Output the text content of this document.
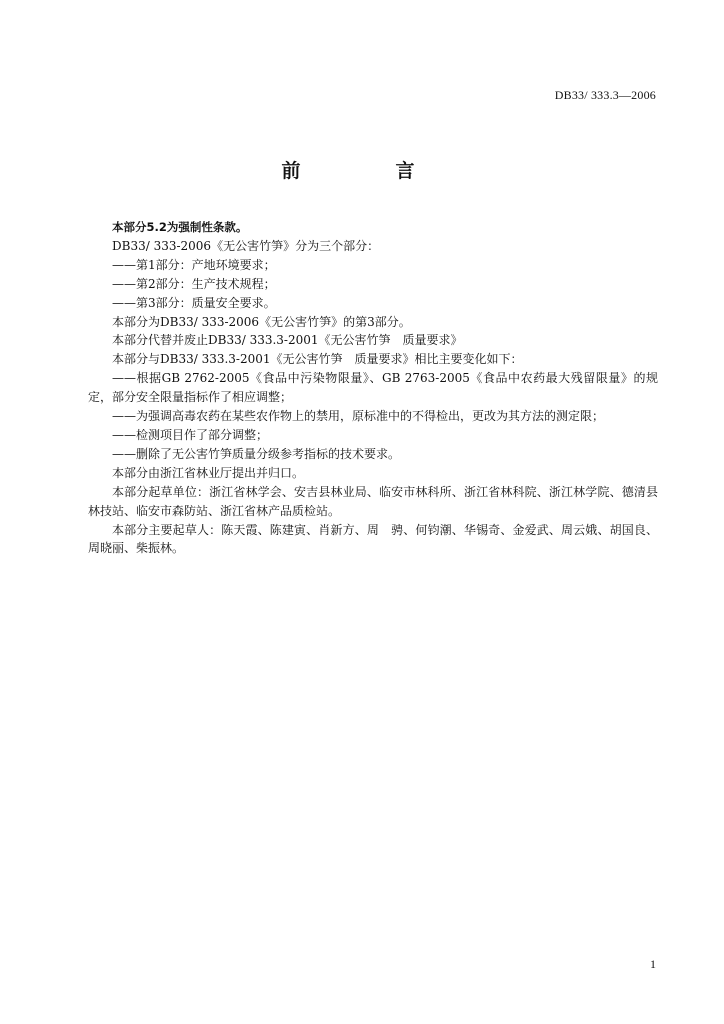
DB33/ 333.3—2006
前　言

本部分5.2为强制性条款。

DB33/ 333-2006《无公害竹笋》分为三个部分：

——第1部分：产地环境要求；

——第2部分：生产技术规程；

——第3部分：质量安全要求。

本部分为DB33/ 333-2006《无公害竹笋》的第3部分。

本部分代替并废止DB33/ 333.3-2001《无公害竹笋　质量要求》

本部分与DB33/ 333.3-2001《无公害竹笋　质量要求》相比主要变化如下：

——根据GB 2762-2005《食品中污染物限量》、GB 2763-2005《食品中农药最大残留限量》的规定，部分安全限量指标作了相应调整；

——为强调高毒农药在某些农作物上的禁用，原标准中的不得检出，更改为其方法的测定限；

——检测项目作了部分调整；

——删除了无公害竹笋质量分级参考指标的技术要求。

本部分由浙江省林业厅提出并归口。

本部分起草单位：浙江省林学会、安吉县林业局、临安市林科所、浙江省林科院、浙江林学院、德清县林技站、临安市森防站、浙江省林产品质检站。

本部分主要起草人：陈天霞、陈建寅、肖新方、周　骋、何钧潮、华锡奇、金爱武、周云娥、胡国良、周晓丽、柴振林。

1
